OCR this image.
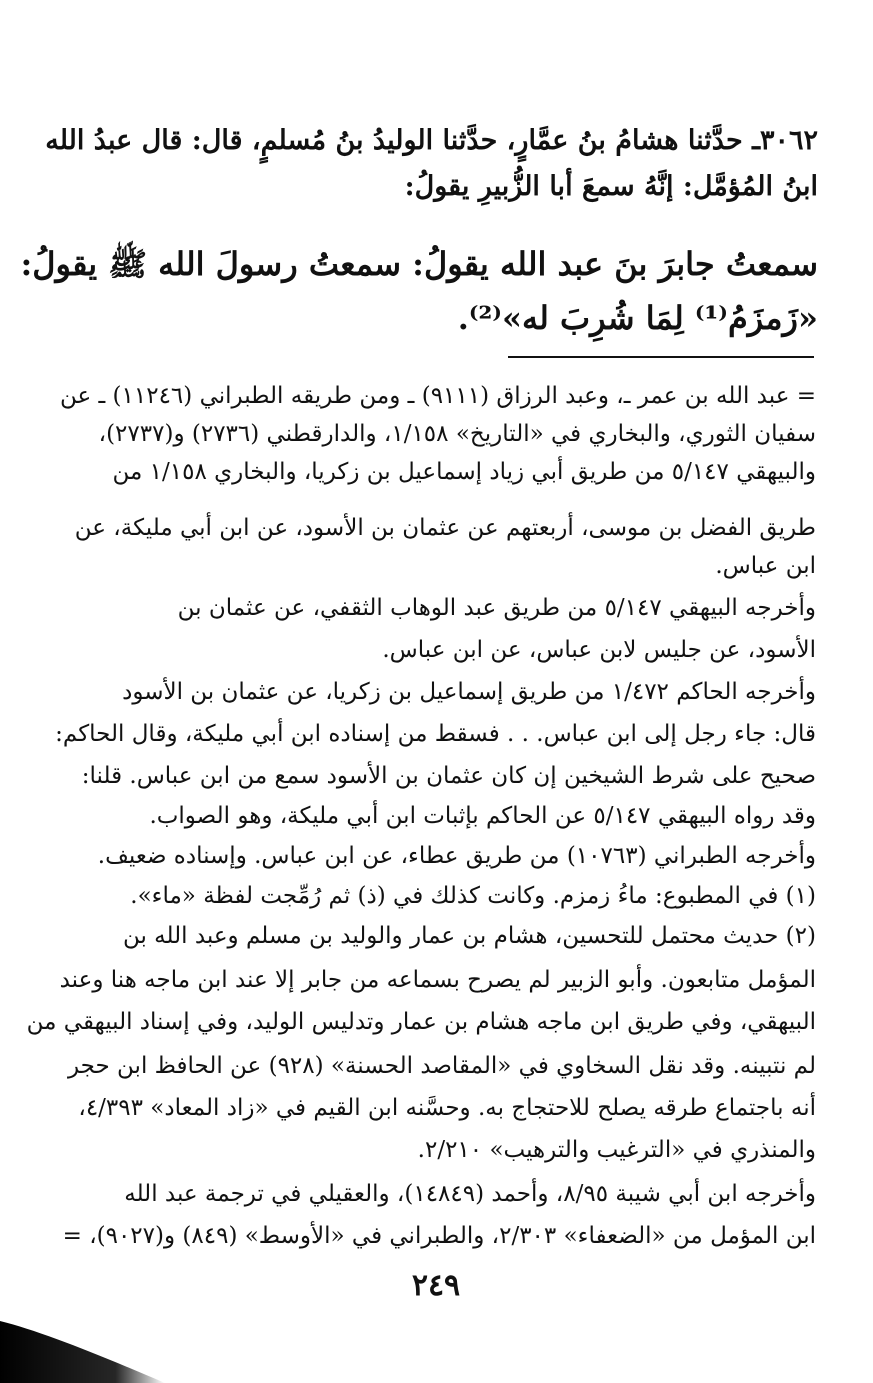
٣٠٦٢ـ حدَّثنا هشامُ بنُ عمَّارٍ، حدَّثنا الوليدُ بنُ مُسلمٍ، قال: قال عبدُ الله
ابنُ المُؤمَّل: إنَّهُ سمعَ أبا الزُّبيرِ يقولُ:
سمعتُ جابرَ بنَ عبد الله يقولُ: سمعتُ رسولَ الله ﷺ يقولُ:
«زَمزَمُ⁽¹⁾ لِمَا شُرِبَ له»⁽²⁾.
= عبد الله بن عمر ـ، وعبد الرزاق (٩١١١) ـ ومن طريقه الطبراني (١١٢٤٦) ـ عن
سفيان الثوري، والبخاري في «التاريخ» ١/١٥٨، والدارقطني (٢٧٣٦) و(٢٧٣٧)،
والبيهقي ٥/١٤٧ من طريق أبي زياد إسماعيل بن زكريا، والبخاري ١/١٥٨ من
طريق الفضل بن موسى، أربعتهم عن عثمان بن الأسود، عن ابن أبي مليكة، عن
ابن عباس.
وأخرجه البيهقي ٥/١٤٧ من طريق عبد الوهاب الثقفي، عن عثمان بن
الأسود، عن جليس لابن عباس، عن ابن عباس.
وأخرجه الحاكم ١/٤٧٢ من طريق إسماعيل بن زكريا، عن عثمان بن الأسود
قال: جاء رجل إلى ابن عباس. . . فسقط من إسناده ابن أبي مليكة، وقال الحاكم:
صحيح على شرط الشيخين إن كان عثمان بن الأسود سمع من ابن عباس. قلنا:
وقد رواه البيهقي ٥/١٤٧ عن الحاكم بإثبات ابن أبي مليكة، وهو الصواب.
وأخرجه الطبراني (١٠٧٦٣) من طريق عطاء، عن ابن عباس. وإسناده ضعيف.
(١) في المطبوع: ماءُ زمزم. وكانت كذلك في (ذ) ثم رُمِّجت لفظة «ماء».
(٢) حديث محتمل للتحسين، هشام بن عمار والوليد بن مسلم وعبد الله بن
المؤمل متابعون. وأبو الزبير لم يصرح بسماعه من جابر إلا عند ابن ماجه هنا وعند
البيهقي، وفي طريق ابن ماجه هشام بن عمار وتدليس الوليد، وفي إسناد البيهقي من
لم نتبينه. وقد نقل السخاوي في «المقاصد الحسنة» (٩٢٨) عن الحافظ ابن حجر
أنه باجتماع طرقه يصلح للاحتجاج به. وحسَّنه ابن القيم في «زاد المعاد» ٤/٣٩٣،
والمنذري في «الترغيب والترهيب» ٢/٢١٠.
وأخرجه ابن أبي شيبة ٨/٩٥، وأحمد (١٤٨٤٩)، والعقيلي في ترجمة عبد الله
ابن المؤمل من «الضعفاء» ٢/٣٠٣، والطبراني في «الأوسط» (٨٤٩) و(٩٠٢٧)، =
٢٤٩
